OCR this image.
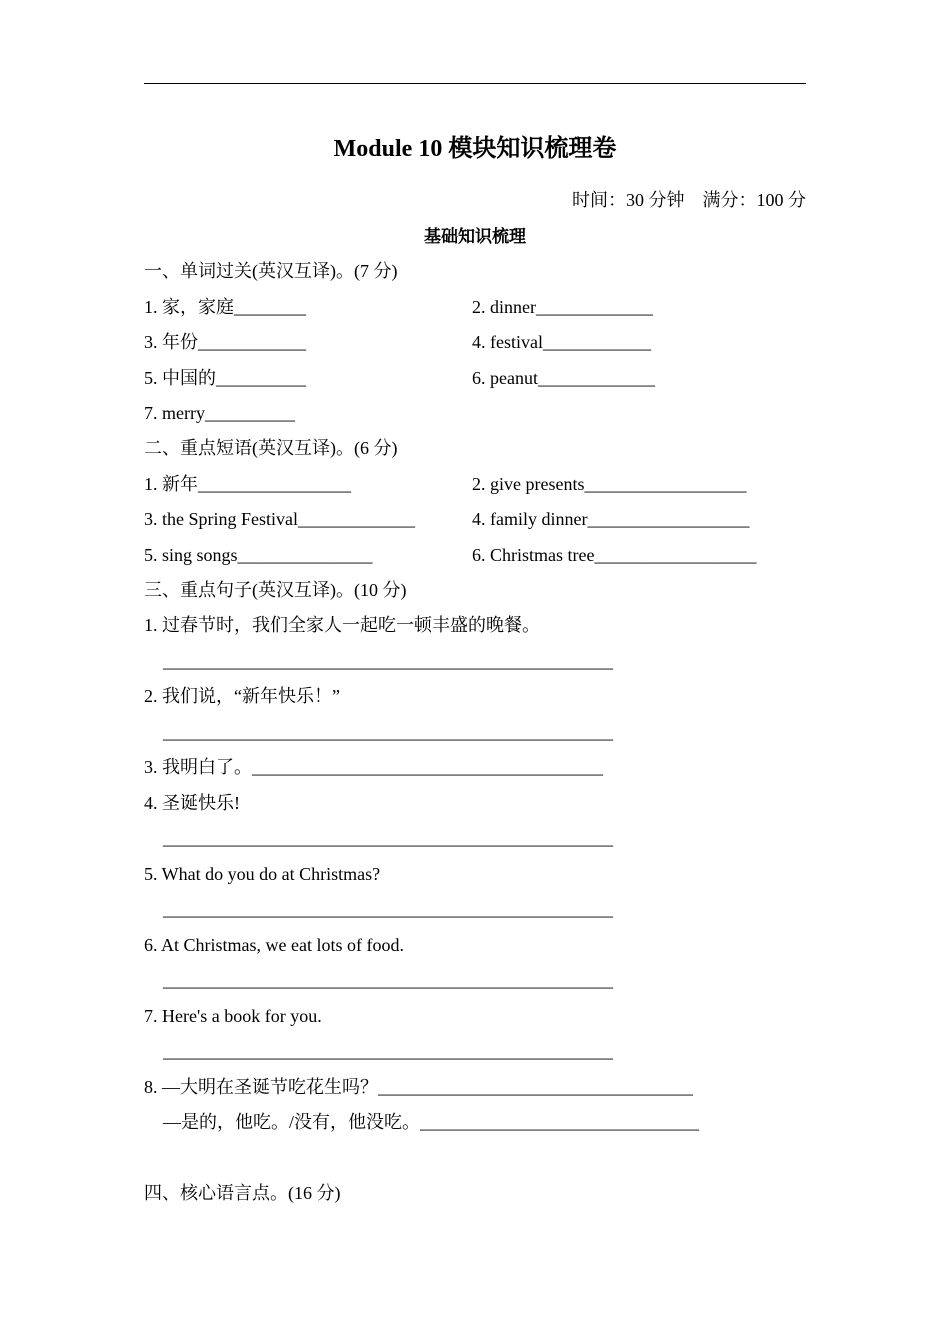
Module 10 模块知识梳理卷
时间：30 分钟    满分：100 分
基础知识梳理
一、单词过关(英汉互译)。(7 分)
1. 家，家庭________	2. dinner_____________
3. 年份____________	4. festival____________
5. 中国的__________	6. peanut_____________
7. merry__________
二、重点短语(英汉互译)。(6 分)
1. 新年_________________	2. give presents__________________
3. the Spring Festival_____________	4. family dinner__________________
5. sing songs_______________	6. Christmas tree__________________
三、重点句子(英汉互译)。(10 分)
1. 过春节时，我们全家人一起吃一顿丰盛的晚餐。
__________________________________________________
2. 我们说，“新年快乐！”
__________________________________________________
3. 我明白了。_______________________________________
4. 圣诞快乐!
__________________________________________________
5. What do you do at Christmas?
__________________________________________________
6. At Christmas, we eat lots of food.
__________________________________________________
7. Here's a book for you.
__________________________________________________
8. —大明在圣诞节吃花生吗？___________________________________
—是的，他吃。/没有，他没吃。_______________________________
四、核心语言点。(16 分)
